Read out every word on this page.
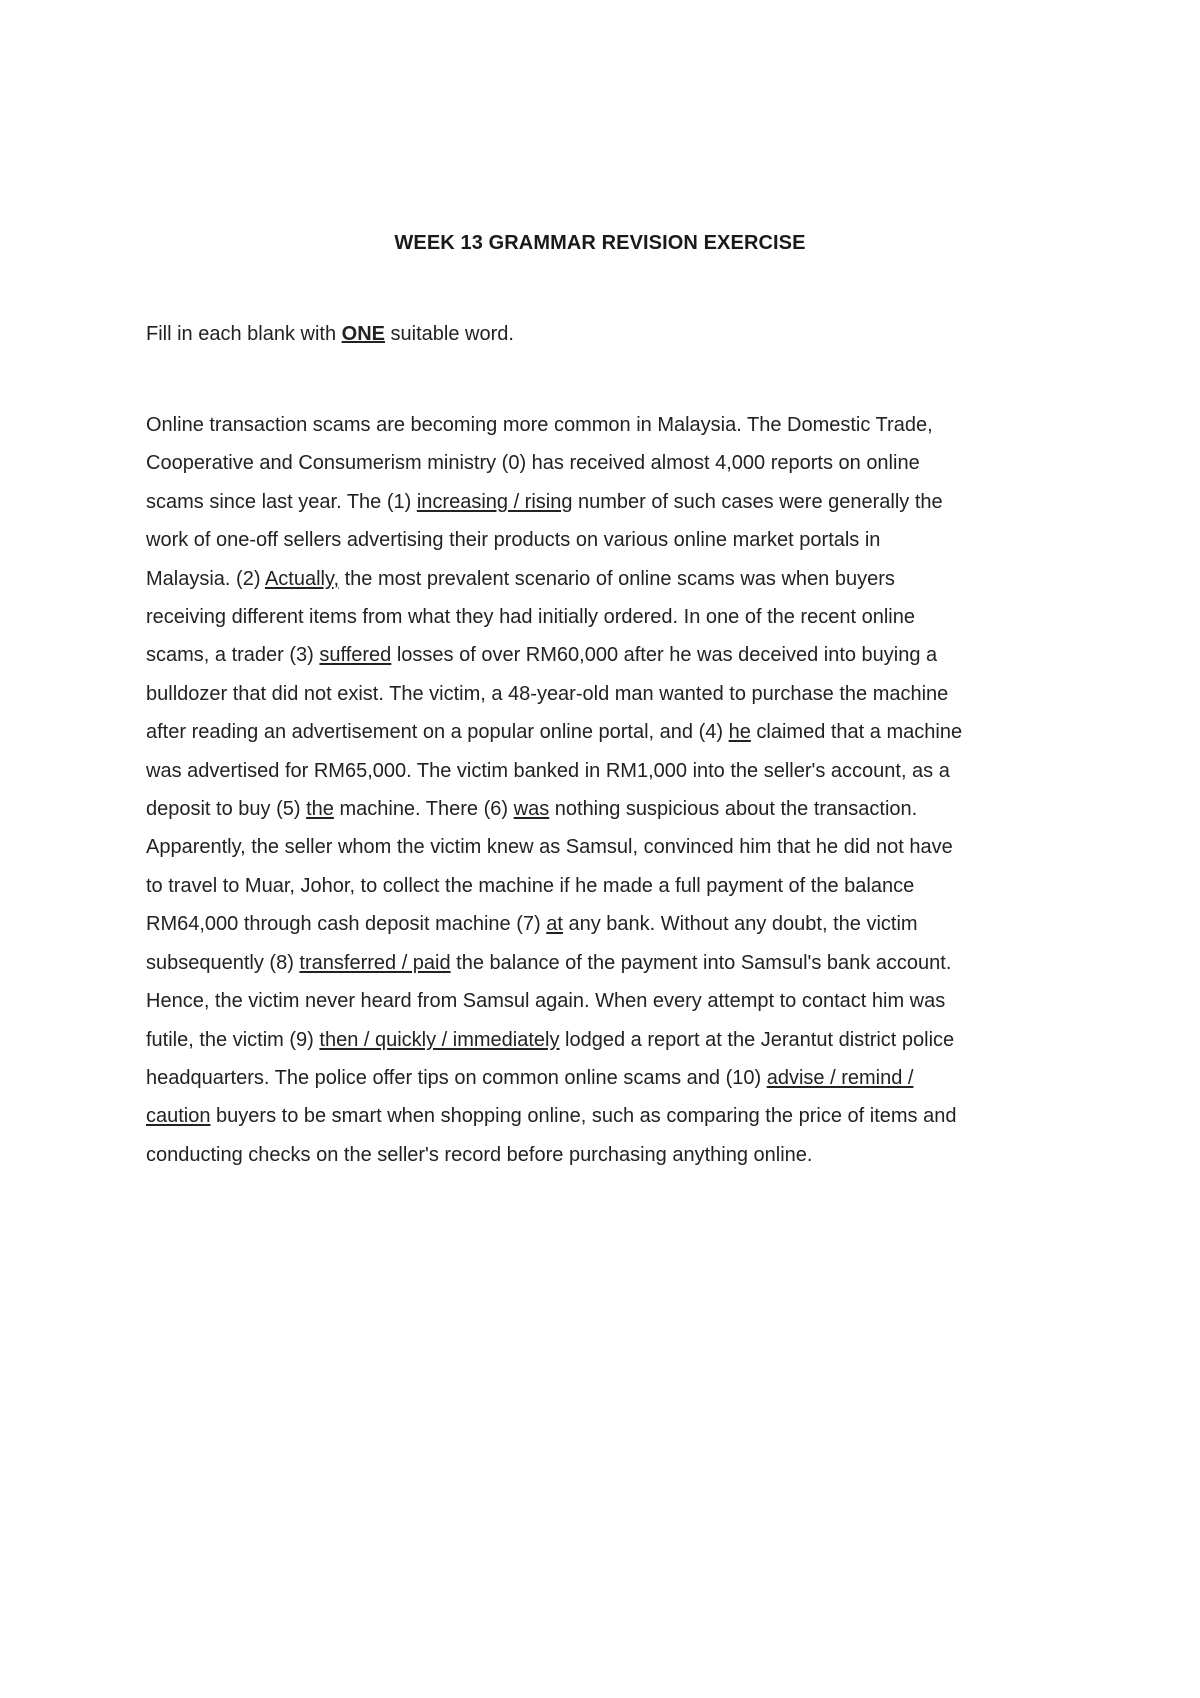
WEEK 13 GRAMMAR REVISION EXERCISE
Fill in each blank with ONE suitable word.
Online transaction scams are becoming more common in Malaysia. The Domestic Trade,
Cooperative and Consumerism ministry (0) has received almost 4,000 reports on online
scams since last year. The (1) increasing / rising number of such cases were generally the
work of one-off sellers advertising their products on various online market portals in
Malaysia. (2) Actually, the most prevalent scenario of online scams was when buyers
receiving different items from what they had initially ordered. In one of the recent online
scams, a trader (3) suffered losses of over RM60,000 after he was deceived into buying a
bulldozer that did not exist. The victim, a 48-year-old man wanted to purchase the machine
after reading an advertisement on a popular online portal, and (4) he claimed that a machine
was advertised for RM65,000. The victim banked in RM1,000 into the seller's account, as a
deposit to buy (5) the machine. There (6) was nothing suspicious about the transaction.
Apparently, the seller whom the victim knew as Samsul, convinced him that he did not have
to travel to Muar, Johor, to collect the machine if he made a full payment of the balance
RM64,000 through cash deposit machine (7) at any bank. Without any doubt, the victim
subsequently (8) transferred / paid the balance of the payment into Samsul's bank account.
Hence, the victim never heard from Samsul again. When every attempt to contact him was
futile, the victim (9) then / quickly / immediately lodged a report at the Jerantut district police
headquarters. The police offer tips on common online scams and (10) advise / remind /
caution buyers to be smart when shopping online, such as comparing the price of items and
conducting checks on the seller's record before purchasing anything online.
